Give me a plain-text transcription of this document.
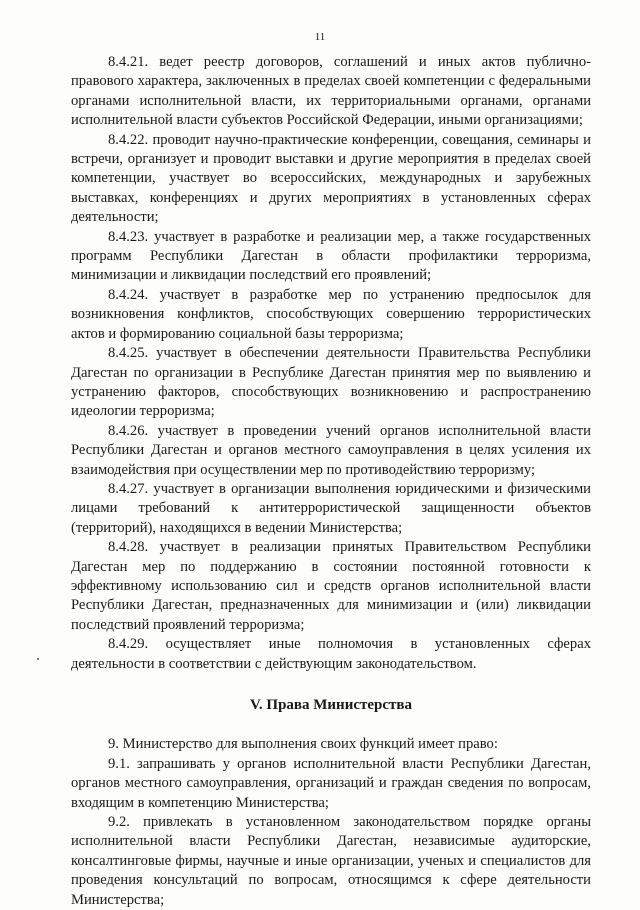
11

8.4.21. ведет реестр договоров, соглашений и иных актов публично-правового характера, заключенных в пределах своей компетенции с федеральными органами исполнительной власти, их территориальными органами, органами исполнительной власти субъектов Российской Федерации, иными организациями;

8.4.22. проводит научно-практические конференции, совещания, семинары и встречи, организует и проводит выставки и другие мероприятия в пределах своей компетенции, участвует во всероссийских, международных и зарубежных выставках, конференциях и других мероприятиях в установленных сферах деятельности;

8.4.23. участвует в разработке и реализации мер, а также государственных программ Республики Дагестан в области профилактики терроризма, минимизации и ликвидации последствий его проявлений;

8.4.24. участвует в разработке мер по устранению предпосылок для возникновения конфликтов, способствующих совершению террористических актов и формированию социальной базы терроризма;

8.4.25. участвует в обеспечении деятельности Правительства Республики Дагестан по организации в Республике Дагестан принятия мер по выявлению и устранению факторов, способствующих возникновению и распространению идеологии терроризма;

8.4.26. участвует в проведении учений органов исполнительной власти Республики Дагестан и органов местного самоуправления в целях усиления их взаимодействия при осуществлении мер по противодействию терроризму;

8.4.27. участвует в организации выполнения юридическими и физическими лицами требований к антитеррористической защищенности объектов (территорий), находящихся в ведении Министерства;

8.4.28. участвует в реализации принятых Правительством Республики Дагестан мер по поддержанию в состоянии постоянной готовности к эффективному использованию сил и средств органов исполнительной власти Республики Дагестан, предназначенных для минимизации и (или) ликвидации последствий проявлений терроризма;

8.4.29. осуществляет иные полномочия в установленных сферах деятельности в соответствии с действующим законодательством.

V. Права Министерства

9. Министерство для выполнения своих функций имеет право:

9.1. запрашивать у органов исполнительной власти Республики Дагестан, органов местного самоуправления, организаций и граждан сведения по вопросам, входящим в компетенцию Министерства;

9.2. привлекать в установленном законодательством порядке органы исполнительной власти Республики Дагестан, независимые аудиторские, консалтинговые фирмы, научные и иные организации, ученых и специалистов для проведения консультаций по вопросам, относящимся к сфере деятельности Министерства;
